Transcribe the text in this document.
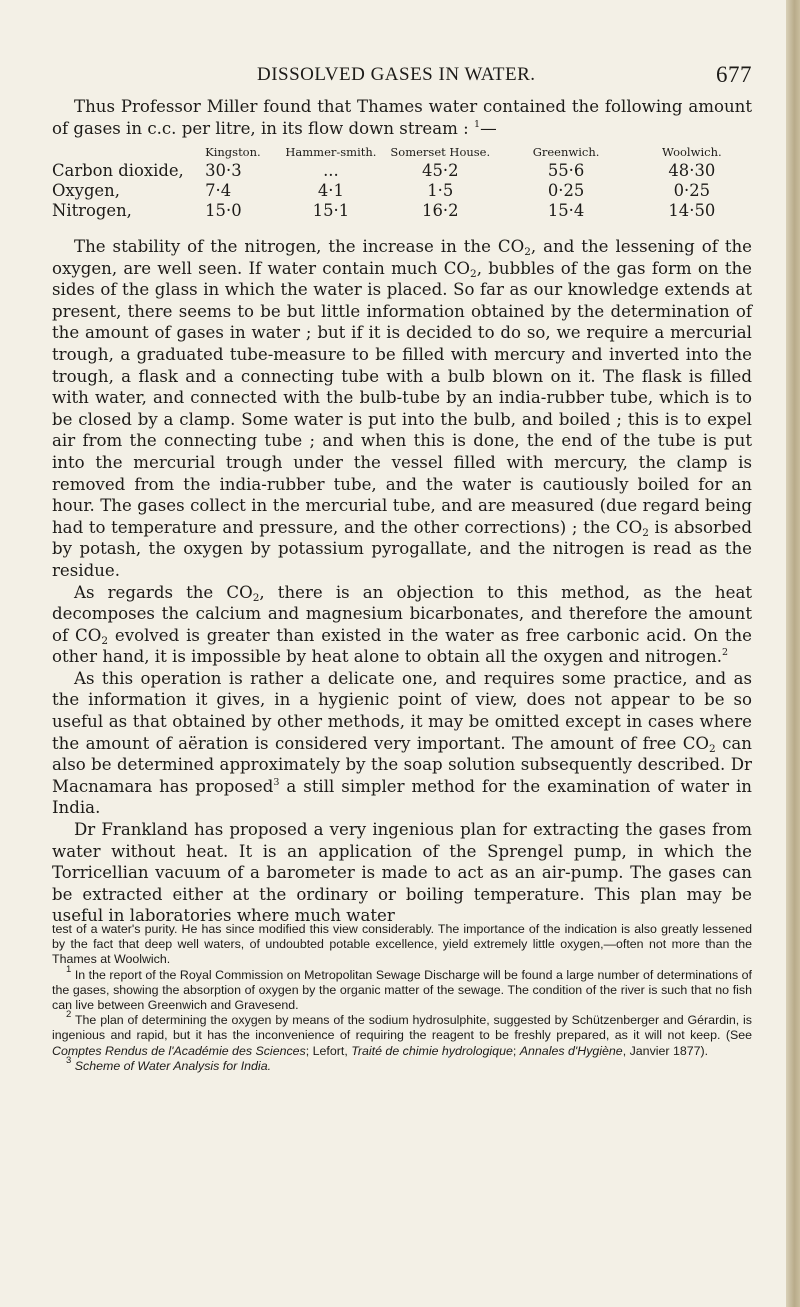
DISSOLVED GASES IN WATER.	677

Thus Professor Miller found that Thames water contained the following amount of gases in c.c. per litre, in its flow down stream : $^1$—

	Kingston.	Hammer-smith.	Somerset House.	Greenwich.	Woolwich.
Carbon dioxide,	30·3	...	45·2	55·6	48·30
Oxygen,	7·4	4·1	1·5	0·25	0·25
Nitrogen,	15·0	15·1	16·2	15·4	14·50

The stability of the nitrogen, the increase in the $CO_2$, and the lessening of the oxygen, are well seen. If water contain much $CO_2$, bubbles of the gas form on the sides of the glass in which the water is placed. So far as our knowledge extends at present, there seems to be but little information obtained by the determination of the amount of gases in water ; but if it is decided to do so, we require a mercurial trough, a graduated tube-measure to be filled with mercury and inverted into the trough, a flask and a connecting tube with a bulb blown on it. The flask is filled with water, and connected with the bulb-tube by an india-rubber tube, which is to be closed by a clamp. Some water is put into the bulb, and boiled ; this is to expel air from the connecting tube ; and when this is done, the end of the tube is put into the mercurial trough under the vessel filled with mercury, the clamp is removed from the india-rubber tube, and the water is cautiously boiled for an hour. The gases collect in the mercurial tube, and are measured (due regard being had to temperature and pressure, and the other corrections) ; the $CO_2$ is absorbed by potash, the oxygen by potassium pyrogallate, and the nitrogen is read as the residue.

As regards the $CO_2$, there is an objection to this method, as the heat decomposes the calcium and magnesium bicarbonates, and therefore the amount of $CO_2$ evolved is greater than existed in the water as free carbonic acid. On the other hand, it is impossible by heat alone to obtain all the oxygen and nitrogen.$^2$

As this operation is rather a delicate one, and requires some practice, and as the information it gives, in a hygienic point of view, does not appear to be so useful as that obtained by other methods, it may be omitted except in cases where the amount of aëration is considered very important. The amount of free $CO_2$ can also be determined approximately by the soap solution subsequently described. Dr Macnamara has proposed$^3$ a still simpler method for the examination of water in India.

Dr Frankland has proposed a very ingenious plan for extracting the gases from water without heat. It is an application of the Sprengel pump, in which the Torricellian vacuum of a barometer is made to act as an air-pump. The gases can be extracted either at the ordinary or boiling temperature. This plan may be useful in laboratories where much water

test of a water's purity. He has since modified this view considerably. The importance of the indication is also greatly lessened by the fact that deep well waters, of undoubted potable excellence, yield extremely little oxygen,—often not more than the Thames at Woolwich.

$^1$ In the report of the Royal Commission on Metropolitan Sewage Discharge will be found a large number of determinations of the gases, showing the absorption of oxygen by the organic matter of the sewage. The condition of the river is such that no fish can live between Greenwich and Gravesend.

$^2$ The plan of determining the oxygen by means of the sodium hydrosulphite, suggested by Schützenberger and Gérardin, is ingenious and rapid, but it has the inconvenience of requiring the reagent to be freshly prepared, as it will not keep. (See Comptes Rendus de l'Académie des Sciences; Lefort, Traité de chimie hydrologique; Annales d'Hygiène, Janvier 1877).

$^3$ Scheme of Water Analysis for India.
